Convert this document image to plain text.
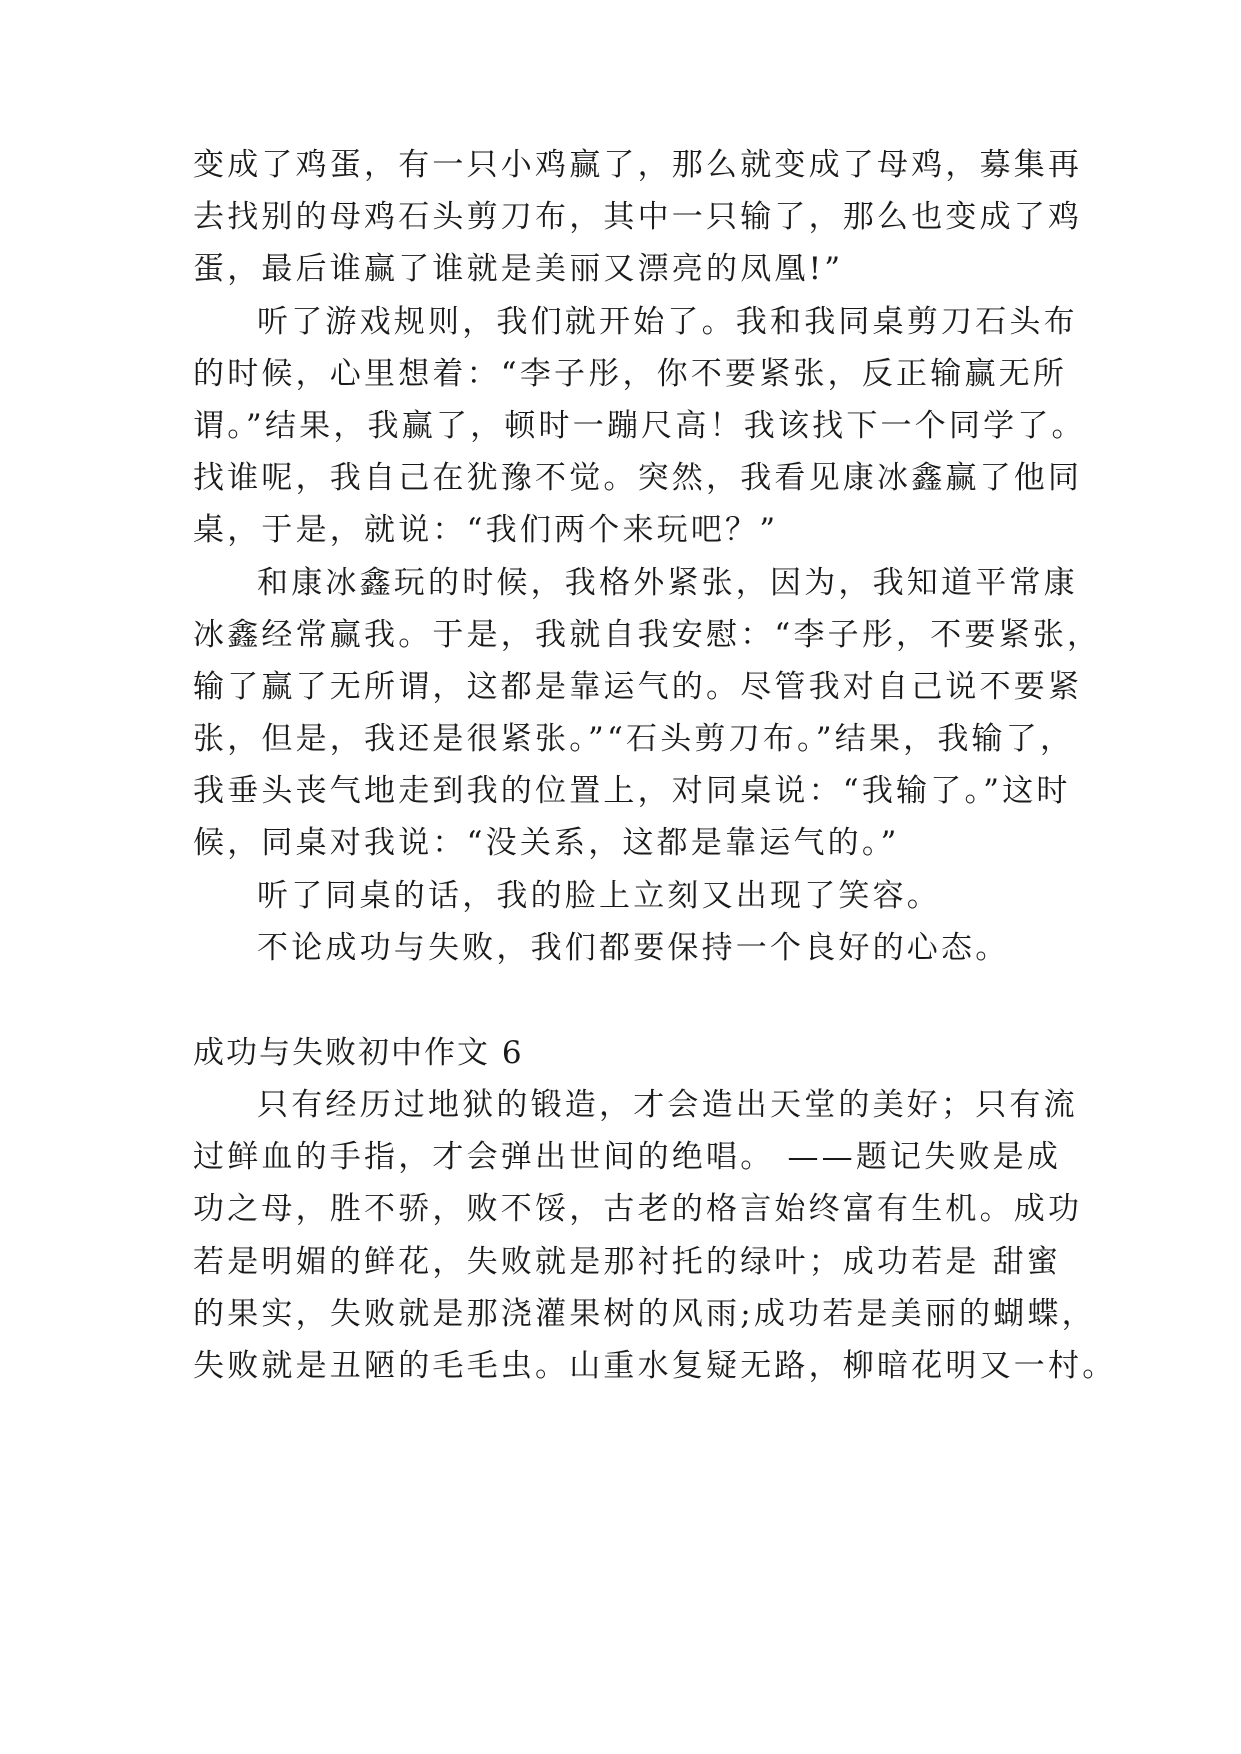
变成了鸡蛋，有一只小鸡赢了，那么就变成了母鸡，募集再
去找别的母鸡石头剪刀布，其中一只输了，那么也变成了鸡
蛋，最后谁赢了谁就是美丽又漂亮的凤凰!”
听了游戏规则，我们就开始了。我和我同桌剪刀石头布
的时候，心里想着：“李子彤，你不要紧张，反正输赢无所
谓。”结果，我赢了，顿时一蹦尺高！我该找下一个同学了。
找谁呢，我自己在犹豫不觉。突然，我看见康冰鑫赢了他同
桌，于是，就说：“我们两个来玩吧？”
和康冰鑫玩的时候，我格外紧张，因为，我知道平常康
冰鑫经常赢我。于是，我就自我安慰：“李子彤，不要紧张，
输了赢了无所谓，这都是靠运气的。尽管我对自己说不要紧
张，但是，我还是很紧张。”“石头剪刀布。”结果，我输了，
我垂头丧气地走到我的位置上，对同桌说：“我输了。”这时
候，同桌对我说：“没关系，这都是靠运气的。”
听了同桌的话，我的脸上立刻又出现了笑容。
不论成功与失败，我们都要保持一个良好的心态。
成功与失败初中作文 6
只有经历过地狱的锻造，才会造出天堂的美好；只有流
过鲜血的手指，才会弹出世间的绝唱。 ——题记失败是成
功之母，胜不骄，败不馁，古老的格言始终富有生机。成功
若是明媚的鲜花，失败就是那衬托的绿叶；成功若是 甜蜜
的果实，失败就是那浇灌果树的风雨;成功若是美丽的蝴蝶，
失败就是丑陋的毛毛虫。山重水复疑无路，柳暗花明又一村。
